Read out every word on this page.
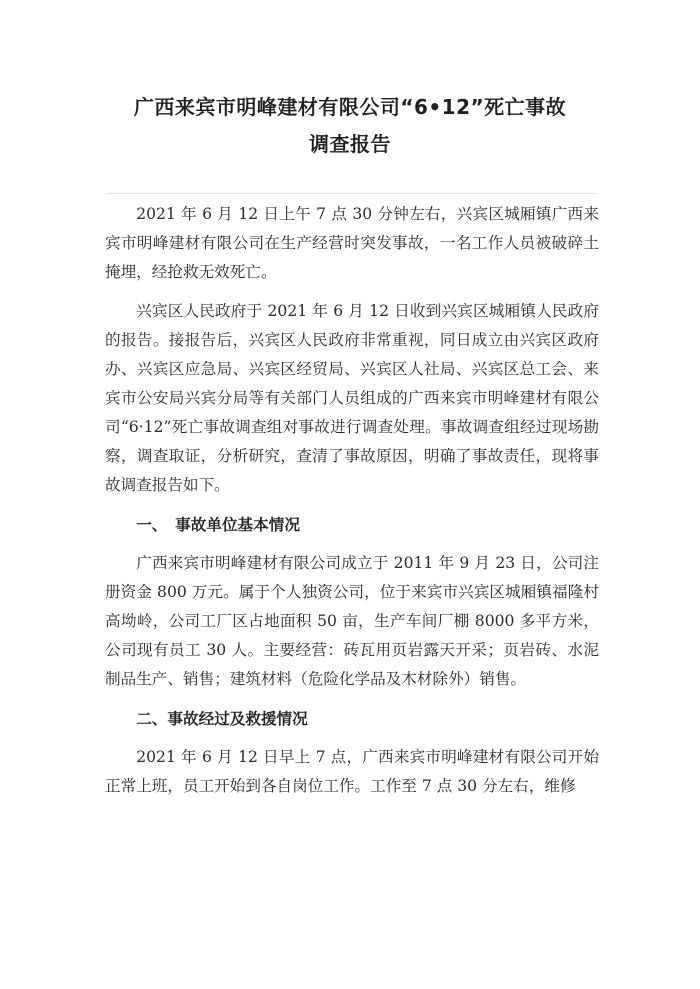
广西来宾市明峰建材有限公司“6•12”死亡事故
调查报告

2021 年 6 月 12 日上午 7 点 30 分钟左右，兴宾区城厢镇广西来宾市明峰建材有限公司在生产经营时突发事故，一名工作人员被破碎土掩埋，经抢救无效死亡。

兴宾区人民政府于 2021 年 6 月 12 日收到兴宾区城厢镇人民政府的报告。接报告后，兴宾区人民政府非常重视，同日成立由兴宾区政府办、兴宾区应急局、兴宾区经贸局、兴宾区人社局、兴宾区总工会、来宾市公安局兴宾分局等有关部门人员组成的广西来宾市明峰建材有限公司“6·12”死亡事故调查组对事故进行调查处理。事故调查组经过现场勘察，调查取证，分析研究，查清了事故原因，明确了事故责任，现将事故调查报告如下。

一、　事故单位基本情况

广西来宾市明峰建材有限公司成立于 2011 年 9 月 23 日，公司注册资金 800 万元。属于个人独资公司，位于来宾市兴宾区城厢镇福隆村高坳岭，公司工厂区占地面积 50 亩，生产车间厂棚 8000 多平方米，公司现有员工 30 人。主要经营：砖瓦用页岩露天开采；页岩砖、水泥制品生产、销售；建筑材料（危险化学品及木材除外）销售。

二、事故经过及救援情况

2021 年 6 月 12 日早上 7 点，广西来宾市明峰建材有限公司开始正常上班，员工开始到各自岗位工作。工作至 7 点 30 分左右，维修
